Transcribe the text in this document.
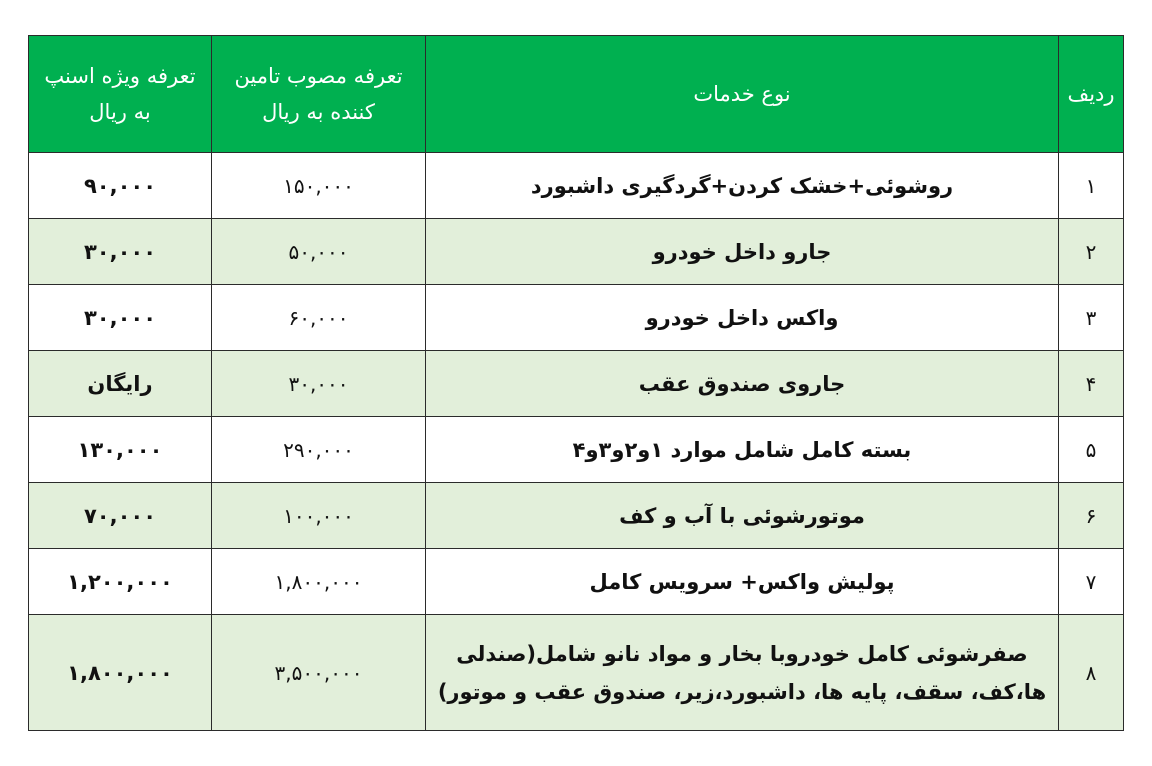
تعرفه ویژه اسنپ به ریال	تعرفه مصوب تامین کننده به ریال	نوع خدمات	ردیف
۹۰,۰۰۰	۱۵۰,۰۰۰	روشوئی+خشک کردن+گردگیری داشبورد	۱
۳۰,۰۰۰	۵۰,۰۰۰	جارو داخل خودرو	۲
۳۰,۰۰۰	۶۰,۰۰۰	واکس داخل خودرو	۳
رایگان	۳۰,۰۰۰	جاروی صندوق عقب	۴
۱۳۰,۰۰۰	۲۹۰,۰۰۰	بسته کامل شامل موارد ۱و۲و۳و۴	۵
۷۰,۰۰۰	۱۰۰,۰۰۰	موتورشوئی با آب و کف	۶
۱,۲۰۰,۰۰۰	۱,۸۰۰,۰۰۰	پولیش واکس+ سرویس کامل	۷
۱,۸۰۰,۰۰۰	۳,۵۰۰,۰۰۰	صفرشوئی کامل خودروبا بخار و مواد نانو شامل(صندلی ها،کف، سقف، پایه ها، داشبورد،زیر، صندوق عقب و موتور)	۸
